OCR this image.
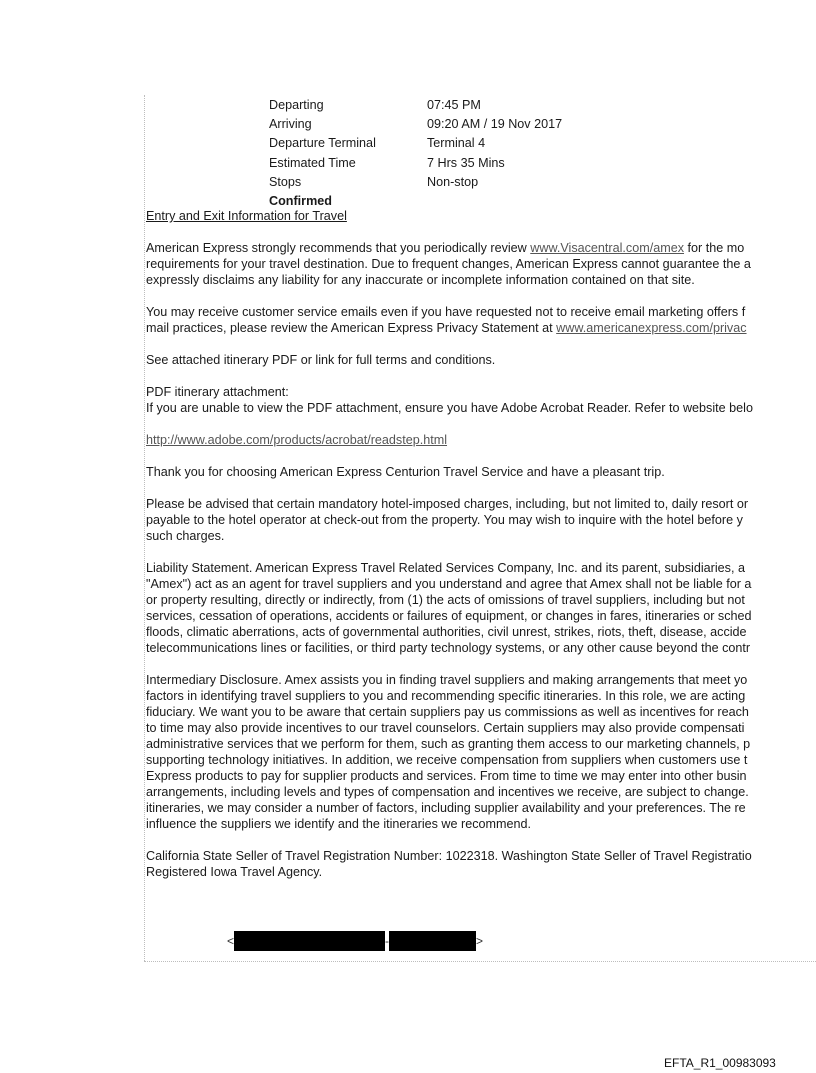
Departing	07:45 PM
Arriving	09:20 AM / 19 Nov 2017
Departure Terminal	Terminal 4
Estimated Time	7 Hrs 35 Mins
Stops	Non-stop
Confirmed

Entry and Exit Information for Travel

American Express strongly recommends that you periodically review www.Visacentral.com/amex for the mo

requirements for your travel destination. Due to frequent changes, American Express cannot guarantee the a

expressly disclaims any liability for any inaccurate or incomplete information contained on that site.

You may receive customer service emails even if you have requested not to receive email marketing offers f

mail practices, please review the American Express Privacy Statement at www.americanexpress.com/privac

See attached itinerary PDF or link for full terms and conditions.

PDF itinerary attachment:

If you are unable to view the PDF attachment, ensure you have Adobe Acrobat Reader. Refer to website belo

http://www.adobe.com/products/acrobat/readstep.html

Thank you for choosing American Express Centurion Travel Service and have a pleasant trip.

Please be advised that certain mandatory hotel-imposed charges, including, but not limited to, daily resort or

payable to the hotel operator at check-out from the property. You may wish to inquire with the hotel before y

such charges.

Liability Statement. American Express Travel Related Services Company, Inc. and its parent, subsidiaries, a

"Amex") act as an agent for travel suppliers and you understand and agree that Amex shall not be liable for a

or property resulting, directly or indirectly, from (1) the acts of omissions of travel suppliers, including but not

services, cessation of operations, accidents or failures of equipment, or changes in fares, itineraries or sched

floods, climatic aberrations, acts of governmental authorities, civil unrest, strikes, riots, theft, disease, accide

telecommunications lines or facilities, or third party technology systems, or any other cause beyond the contr

Intermediary Disclosure. Amex assists you in finding travel suppliers and making arrangements that meet yo

factors in identifying travel suppliers to you and recommending specific itineraries. In this role, we are acting

fiduciary. We want you to be aware that certain suppliers pay us commissions as well as incentives for reach

to time may also provide incentives to our travel counselors. Certain suppliers may also provide compensati

administrative services that we perform for them, such as granting them access to our marketing channels, p

supporting technology initiatives. In addition, we receive compensation from suppliers when customers use t

Express products to pay for supplier products and services. From time to time we may enter into other busin

arrangements, including levels and types of compensation and incentives we receive, are subject to change.

itineraries, we may consider a number of factors, including supplier availability and your preferences. The re

influence the suppliers we identify and the itineraries we recommend.

California State Seller of Travel Registration Number: 1022318. Washington State Seller of Travel Registratio

Registered Iowa Travel Agency.

<	-	>
EFTA_R1_00983093
